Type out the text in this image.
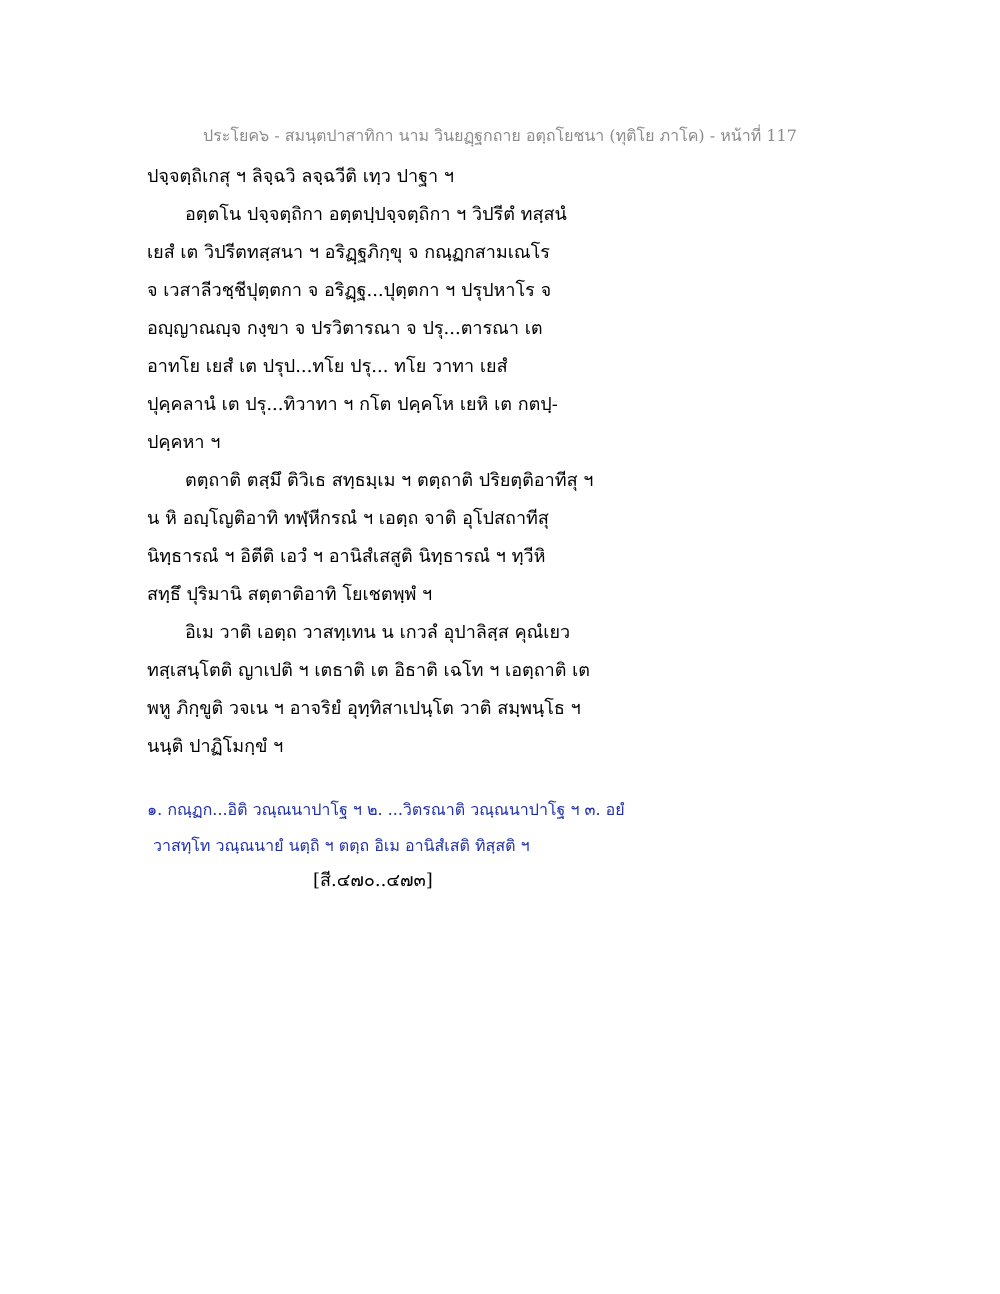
ประโยค๖ - สมนฺตปาสาทิกา นาม วินยฏฺฐกถาย อตฺถโยชนา (ทุติโย ภาโค) - หน้าที่ 117
ปจฺจตฺถิเกสุ ฯ ลิจฺฉวิ ลจฺฉวีติ เทฺว ปาฐา ฯ
อตฺตโน ปจฺจตฺถิกา อตฺตปฺปจฺจตฺถิกา ฯ วิปรีตํ ทสฺสนํ
เยสํ เต วิปรีตทสฺสนา ฯ อริฏฺฐภิกฺขุ จ กณฺฏกสามเณโร
จ เวสาลีวชฺชีปุตฺตกา จ อริฏฺฐ...ปุตฺตกา ฯ ปรุปหาโร จ
อญฺญาณญฺจ กงฺขา จ ปรวิตารณา จ ปรุ...ตารณา เต
อาทโย เยสํ เต ปรุป...ทโย ปรุ... ทโย วาทา เยสํ
ปุคฺคลานํ เต ปรุ...ทิวาทา ฯ กโต ปคฺคโห เยหิ เต กตปฺ-
ปคฺคหา ฯ
ตตฺถาติ ตสฺมึ ติวิเธ สทฺธมฺเม ฯ ตตฺถาติ ปริยตฺติอาทีสุ ฯ
น หิ อญฺโญติอาทิ ทฬฺหีกรณํ ฯ เอตฺถ จาติ อุโปสถาทีสุ
นิทฺธารณํ ฯ อิตีติ เอวํ ฯ อานิสํเสสูติ นิทฺธารณํ ฯ ทฺวีหิ
สทฺธึ ปุริมานิ สตฺตาติอาทิ โยเชตพฺพํ ฯ
อิเม วาติ เอตฺถ วาสทฺเทน น เกวลํ อุปาลิสฺส คุณํเยว
ทสฺเสนฺโตติ ญาเปติ ฯ เตธาติ เต อิธาติ เฉโท ฯ เอตฺถาติ เต
พหู ภิกฺขูติ วจเน ฯ อาจริยํ อุทฺทิสาเปนฺโต วาติ สมฺพนฺโธ ฯ
นนฺติ ปาฏิโมกฺขํ ฯ
๑. กณฺฏก...อิติ วณฺณนาปาโฐ ฯ ๒. ...วิตรณาติ วณฺณนาปาโฐ ฯ ๓. อยํ
วาสทฺโท วณฺณนายํ นตฺถิ ฯ ตตฺถ อิเม อานิสํเสติ ทิสฺสติ ฯ
[สี.๔๗๐..๔๗๓]
